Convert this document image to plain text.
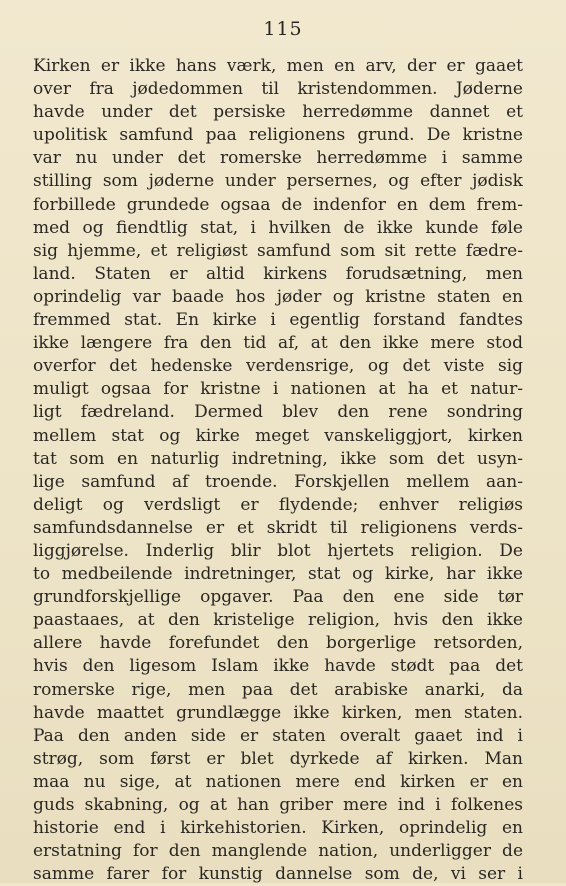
115
Kirken er ikke hans værk, men en arv, der er gaaet
over fra jødedommen til kristendommen. Jøderne
havde under det persiske herredømme dannet et
upolitisk samfund paa religionens grund. De kristne
var nu under det romerske herredømme i samme
stilling som jøderne under persernes, og efter jødisk
forbillede grundede ogsaa de indenfor en dem frem-
med og fiendtlig stat, i hvilken de ikke kunde føle
sig hjemme, et religiøst samfund som sit rette fædre-
land. Staten er altid kirkens forudsætning, men
oprindelig var baade hos jøder og kristne staten en
fremmed stat. En kirke i egentlig forstand fandtes
ikke længere fra den tid af, at den ikke mere stod
overfor det hedenske verdensrige, og det viste sig
muligt ogsaa for kristne i nationen at ha et natur-
ligt fædreland. Dermed blev den rene sondring
mellem stat og kirke meget vanskeliggjort, kirken
tat som en naturlig indretning, ikke som det usyn-
lige samfund af troende. Forskjellen mellem aan-
deligt og verdsligt er flydende; enhver religiøs
samfundsdannelse er et skridt til religionens verds-
liggjørelse. Inderlig blir blot hjertets religion. De
to medbeilende indretninger, stat og kirke, har ikke
grundforskjellige opgaver. Paa den ene side tør
paastaaes, at den kristelige religion, hvis den ikke
allere havde forefundet den borgerlige retsorden,
hvis den ligesom Islam ikke havde stødt paa det
romerske rige, men paa det arabiske anarki, da
havde maattet grundlægge ikke kirken, men staten.
Paa den anden side er staten overalt gaaet ind i
strøg, som først er blet dyrkede af kirken. Man
maa nu sige, at nationen mere end kirken er en
guds skabning, og at han griber mere ind i folkenes
historie end i kirkehistorien. Kirken, oprindelig en
erstatning for den manglende nation, underligger de
samme farer for kunstig dannelse som de, vi ser i
